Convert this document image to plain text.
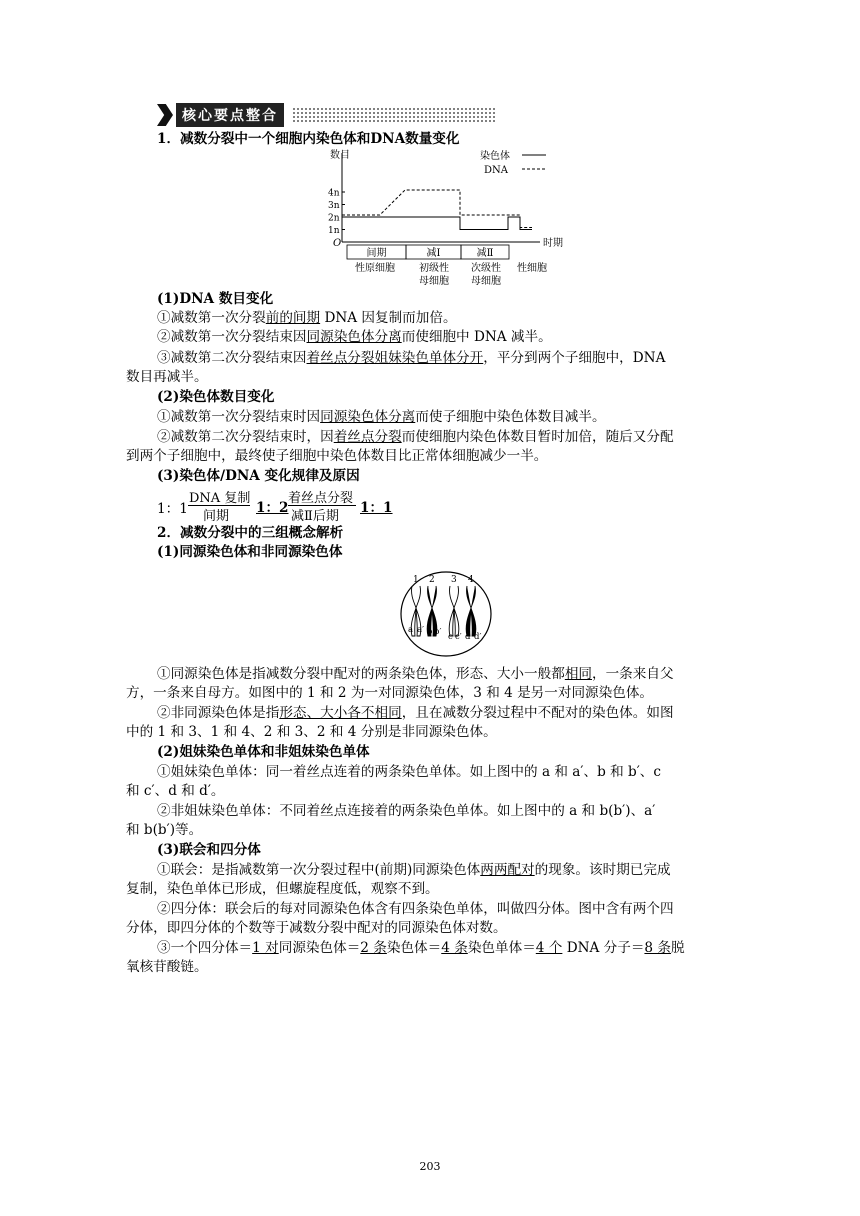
核心要点整合
1．减数分裂中一个细胞内染色体和DNA数量变化
数目
时期
4n
3n
2n
1n
O
染色体
DNA
间期	减Ⅰ	减Ⅱ
性原细胞 初级性
母细胞
次级性
母细胞
性细胞
(1)DNA 数目变化
①减数第一次分裂前的间期 DNA 因复制而加倍。
②减数第一次分裂结束因同源染色体分离而使细胞中 DNA 减半。
③减数第二次分裂结束因着丝点分裂姐妹染色单体分开，平分到两个子细胞中，DNA
数目再减半。
(2)染色体数目变化
①减数第一次分裂结束时因同源染色体分离而使子细胞中染色体数目减半。
②减数第二次分裂结束时，因着丝点分裂而使细胞内染色体数目暂时加倍，随后又分配
到两个子细胞中，最终使子细胞中染色体数目比正常体细胞减少一半。
(3)染色体/DNA 变化规律及原因
1：1
DNA 复制
间期
1：2
着丝点分裂
减Ⅱ后期
1：1
2．减数分裂中的三组概念解析
(1)同源染色体和非同源染色体
1 2 3 4
a a′ b b′ c c′ d d′
①同源染色体是指减数分裂中配对的两条染色体，形态、大小一般都相同，一条来自父
方，一条来自母方。如图中的 1 和 2 为一对同源染色体，3 和 4 是另一对同源染色体。
②非同源染色体是指形态、大小各不相同，且在减数分裂过程中不配对的染色体。如图
中的 1 和 3、1 和 4、2 和 3、2 和 4 分别是非同源染色体。
(2)姐妹染色单体和非姐妹染色单体
①姐妹染色单体：同一着丝点连着的两条染色单体。如上图中的 a 和 a′、b 和 b′、c
和 c′、d 和 d′。
②非姐妹染色单体：不同着丝点连接着的两条染色单体。如上图中的 a 和 b(b′)、a′
和 b(b′)等。
(3)联会和四分体
①联会：是指减数第一次分裂过程中(前期)同源染色体两两配对的现象。该时期已完成
复制，染色单体已形成，但螺旋程度低，观察不到。
②四分体：联会后的每对同源染色体含有四条染色单体，叫做四分体。图中含有两个四
分体，即四分体的个数等于减数分裂中配对的同源染色体对数。
③一个四分体＝1 对同源染色体＝2 条染色体＝4 条染色单体＝4 个 DNA 分子＝8 条脱
氧核苷酸链。
203
